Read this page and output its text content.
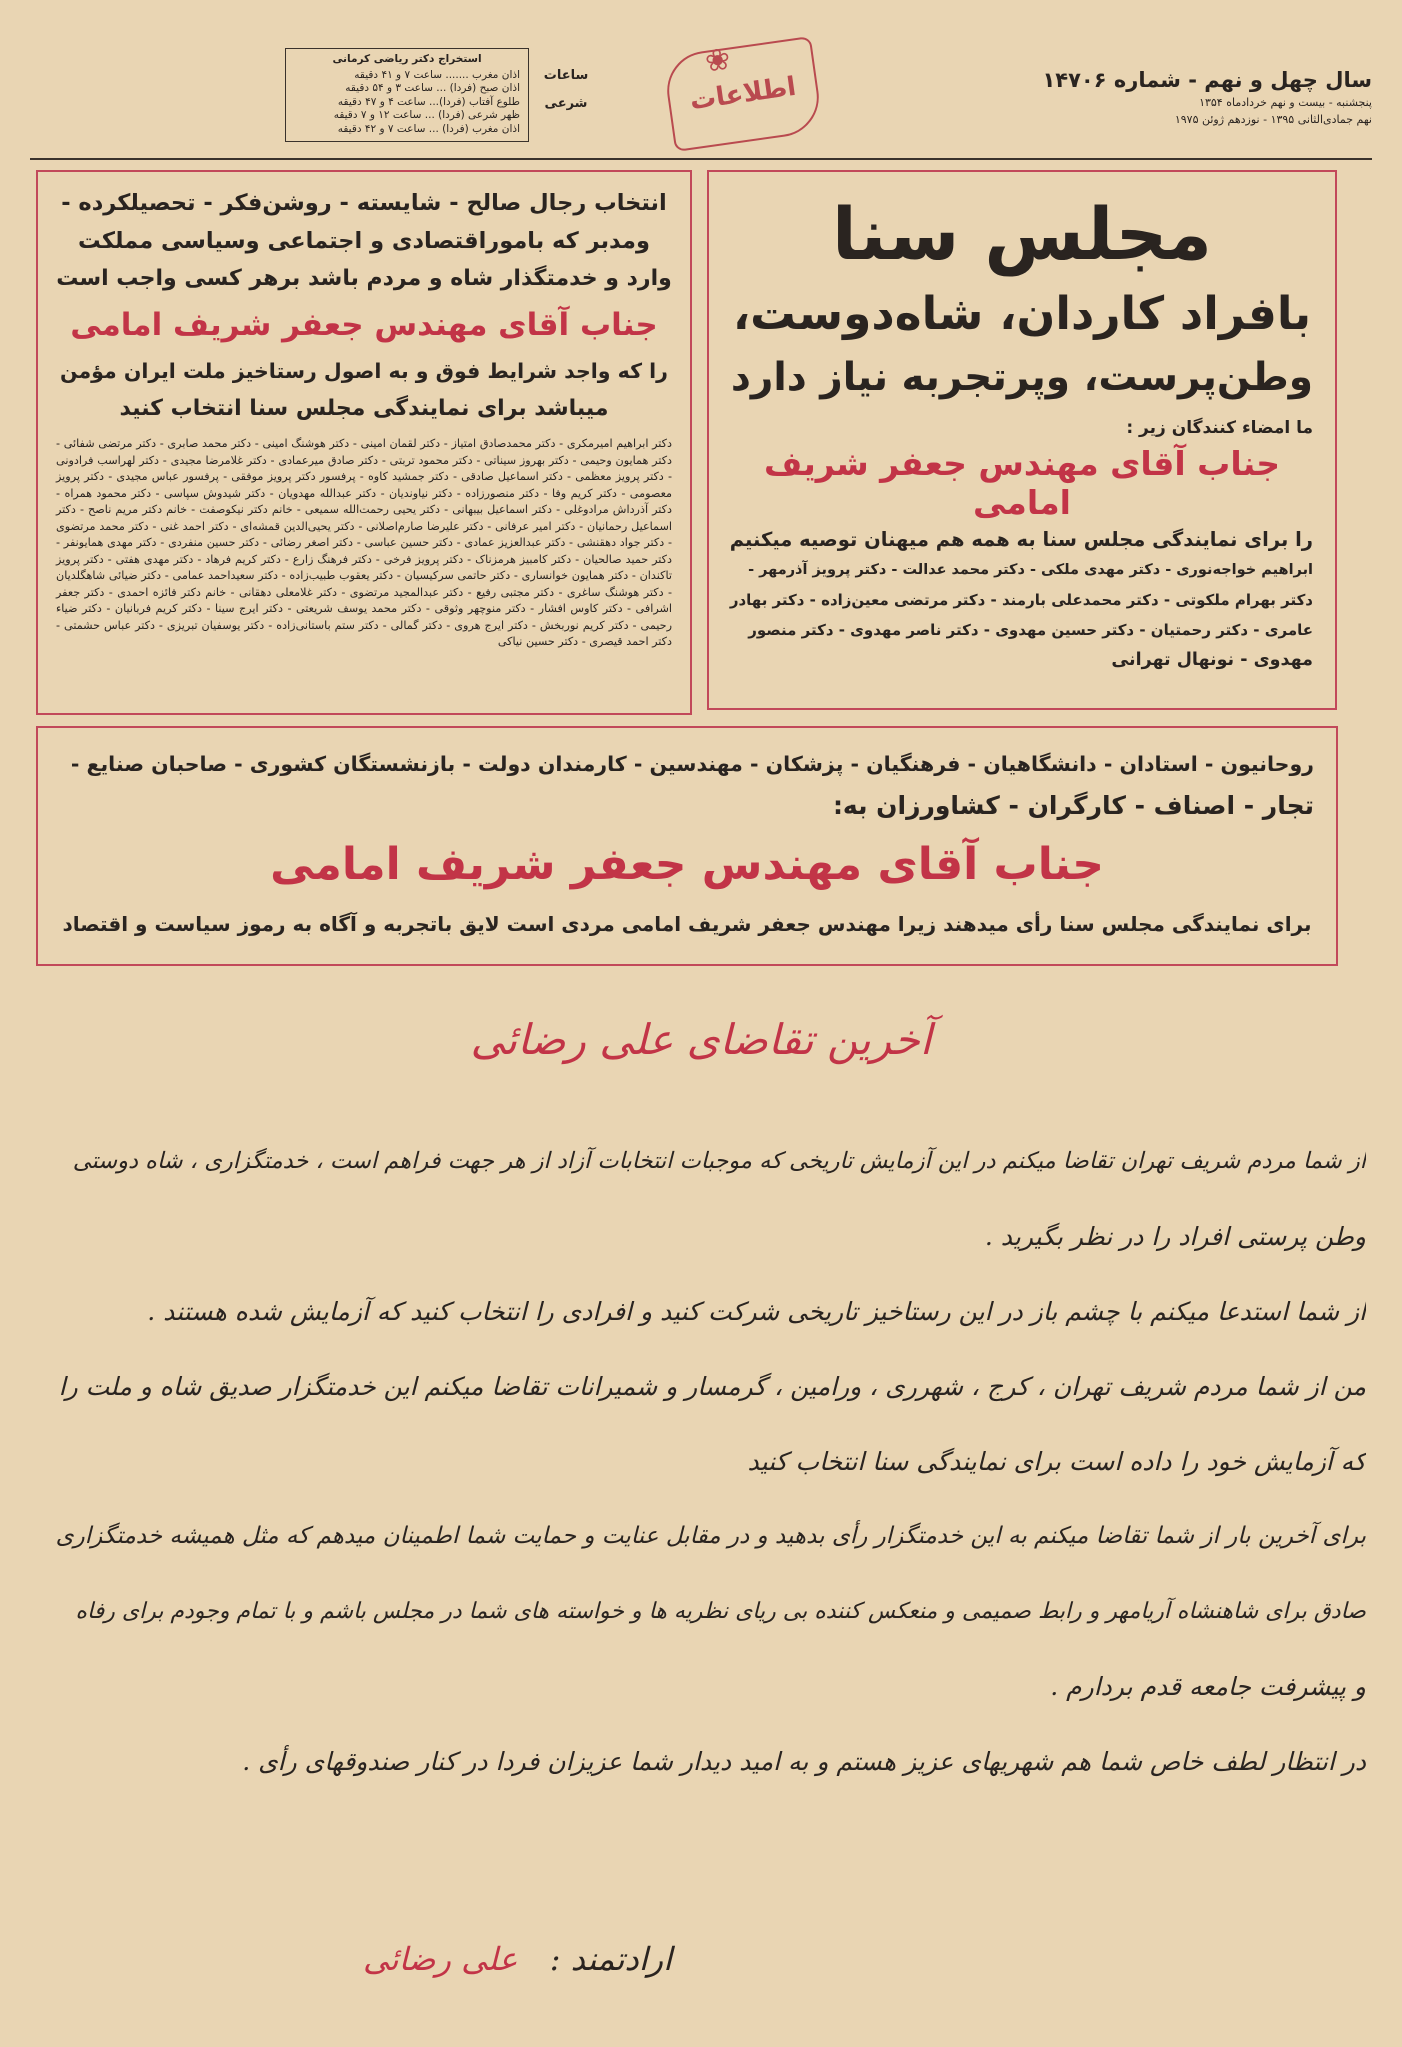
سال چهل و نهم - شماره ۱۴۷۰۶
پنجشنبه - بیست و نهم خردادماه ۱۳۵۴
نهم جمادی‌الثانی ۱۳۹۵ - نوزدهم ژوئن ۱۹۷۵
❀
اطلاعات
ساعات
شرعی
استخراج دکتر ریاضی کرمانی
اذان مغرب ....... ساعت ۷ و ۴۱ دقیقه
اذان صبح (فردا) ... ساعت ۳ و ۵۴ دقیقه
طلوع آفتاب (فردا)... ساعت ۴ و ۴۷ دقیقه
ظهر شرعی (فردا) ... ساعت ۱۲ و ۷ دقیقه
اذان مغرب (فردا) ... ساعت ۷ و ۴۲ دقیقه
مجلس سنا
بافراد کاردان، شاه‌دوست،
وطن‌پرست، وپرتجربه نیاز دارد
ما امضاء کنندگان زیر :
جناب آقای مهندس جعفر شریف امامی
را برای نمایندگی مجلس سنا به همه هم میهنان توصیه میکنیم
ابراهیم خواجه‌نوری - دکتر مهدی ملکی - دکتر محمد عدالت - دکتر پرویز آذرمهر -
دکتر بهرام ملکوتی - دکتر محمدعلی بارمند - دکتر مرتضی معین‌زاده - دکتر بهادر
عامری - دکتر رحمتیان - دکتر حسین مهدوی - دکتر ناصر مهدوی - دکتر منصور
مهدوی - نونهال تهرانی
انتخاب رجال صالح - شایسته - روشن‌فکر - تحصیلکرده -
ومدبر که باموراقتصادی و اجتماعی وسیاسی مملکت
وارد و خدمتگذار شاه و مردم باشد برهر کسی واجب است
جناب آقای مهندس جعفر شریف امامی
را که واجد شرایط فوق و به اصول رستاخیز ملت ایران مؤمن
میباشد برای نمایندگی مجلس سنا انتخاب کنید
دکتر ابراهیم امیرمکری - دکتر محمدصادق امتیاز - دکتر لقمان امینی - دکتر هوشنگ امینی - دکتر محمد صابری - دکتر مرتضی شفائی - دکتر همایون وحیمی - دکتر بهروز سیناتی - دکتر محمود تربتی - دکتر صادق میرعمادی - دکتر غلامرضا مجیدی - دکتر لهراسب فرادونی - دکتر پرویز معظمی - دکتر اسماعیل صادقی - دکتر جمشید کاوه - پرفسور دکتر پرویز موفقی - پرفسور عباس مجیدی - دکتر پرویز معصومی - دکتر کریم وفا - دکتر منصورزاده - دکتر نیاوندیان - دکتر عبدالله مهدویان - دکتر شیدوش سپاسی - دکتر محمود همراه - دکتر آذرداش مرادوغلی - دکتر اسماعیل بیبهانی - دکتر یحیی رحمت‌الله سمیعی - خانم دکتر نیکوصفت - خانم دکتر مریم ناصح - دکتر اسماعیل رحمانیان - دکتر امیر عرفانی - دکتر علیرضا صارم‌اصلانی - دکتر یحیی‌الدین قمشه‌ای - دکتر احمد غنی - دکتر محمد مرتضوی - دکتر جواد دهقنشی - دکتر عبدالعزیز عمادی - دکتر حسین عباسی - دکتر اصغر رضائی - دکتر حسین منفردی - دکتر مهدی همایونفر - دکتر حمید صالحیان - دکتر کامبیز هرمزناک - دکتر پرویز فرخی - دکتر فرهنگ زارع - دکتر کریم فرهاد - دکتر مهدی هفتی - دکتر پرویز تاکندان - دکتر همایون خوانساری - دکتر حاتمی سرکیسیان - دکتر یعقوب طبیب‌زاده - دکتر سعیداحمد عمامی - دکتر ضیائی شاهگلدیان - دکتر هوشنگ ساغری - دکتر مجتبی رفیع - دکتر عبدالمجید مرتضوی - دکتر غلامعلی دهقانی - خانم دکتر فائزه احمدی - دکتر جعفر اشرافی - دکتر کاوس افشار - دکتر منوچهر وثوقی - دکتر محمد یوسف شریعتی - دکتر ایرج سینا - دکتر کریم فربانیان - دکتر ضیاء رحیمی - دکتر کریم نوربخش - دکتر ایرج هروی - دکتر گمالی - دکتر ستم باستانی‌زاده - دکتر یوسفیان تبریزی - دکتر عباس حشمتی - دکتر احمد قیصری - دکتر حسین نیاکی
روحانیون - استادان - دانشگاهیان - فرهنگیان - پزشکان - مهندسین - کارمندان دولت - بازنشستگان کشوری - صاحبان صنایع -
تجار - اصناف - کارگران - کشاورزان به:
جناب آقای مهندس جعفر شریف امامی
برای نمایندگی مجلس سنا رأی میدهند زیرا مهندس جعفر شریف امامی مردی است لایق باتجربه و آگاه به رموز سیاست و اقتصاد
آخرین تقاضای علی رضائی
از شما مردم شریف تهران تقاضا میکنم در این آزمایش تاریخی که موجبات انتخابات آزاد از هر جهت فراهم است ، خدمتگزاری ، شاه دوستی
وطن پرستی افراد را در نظر بگیرید .
از شما استدعا میکنم با چشم باز در این رستاخیز تاریخی شرکت کنید و افرادی را انتخاب کنید که آزمایش شده هستند .
من از شما مردم شریف تهران ، کرج ، شهرری ، ورامین ، گرمسار و شمیرانات تقاضا میکنم این خدمتگزار صدیق شاه و ملت را
که آزمایش خود را داده است برای نمایندگی سنا انتخاب کنید
برای آخرین بار از شما تقاضا میکنم به این خدمتگزار رأی بدهید و در مقابل عنایت و حمایت شما اطمینان میدهم که مثل همیشه خدمتگزاری
صادق برای شاهنشاه آریامهر و رابط صمیمی و منعکس کننده بی ریای نظریه ها و خواسته های شما در مجلس باشم و با تمام وجودم برای رفاه
و پیشرفت جامعه قدم بردارم .
در انتظار لطف خاص شما هم شهریهای عزیز هستم و به امید دیدار شما عزیزان فردا در کنار صندوقهای رأی .
ارادتمند : علی رضائی
